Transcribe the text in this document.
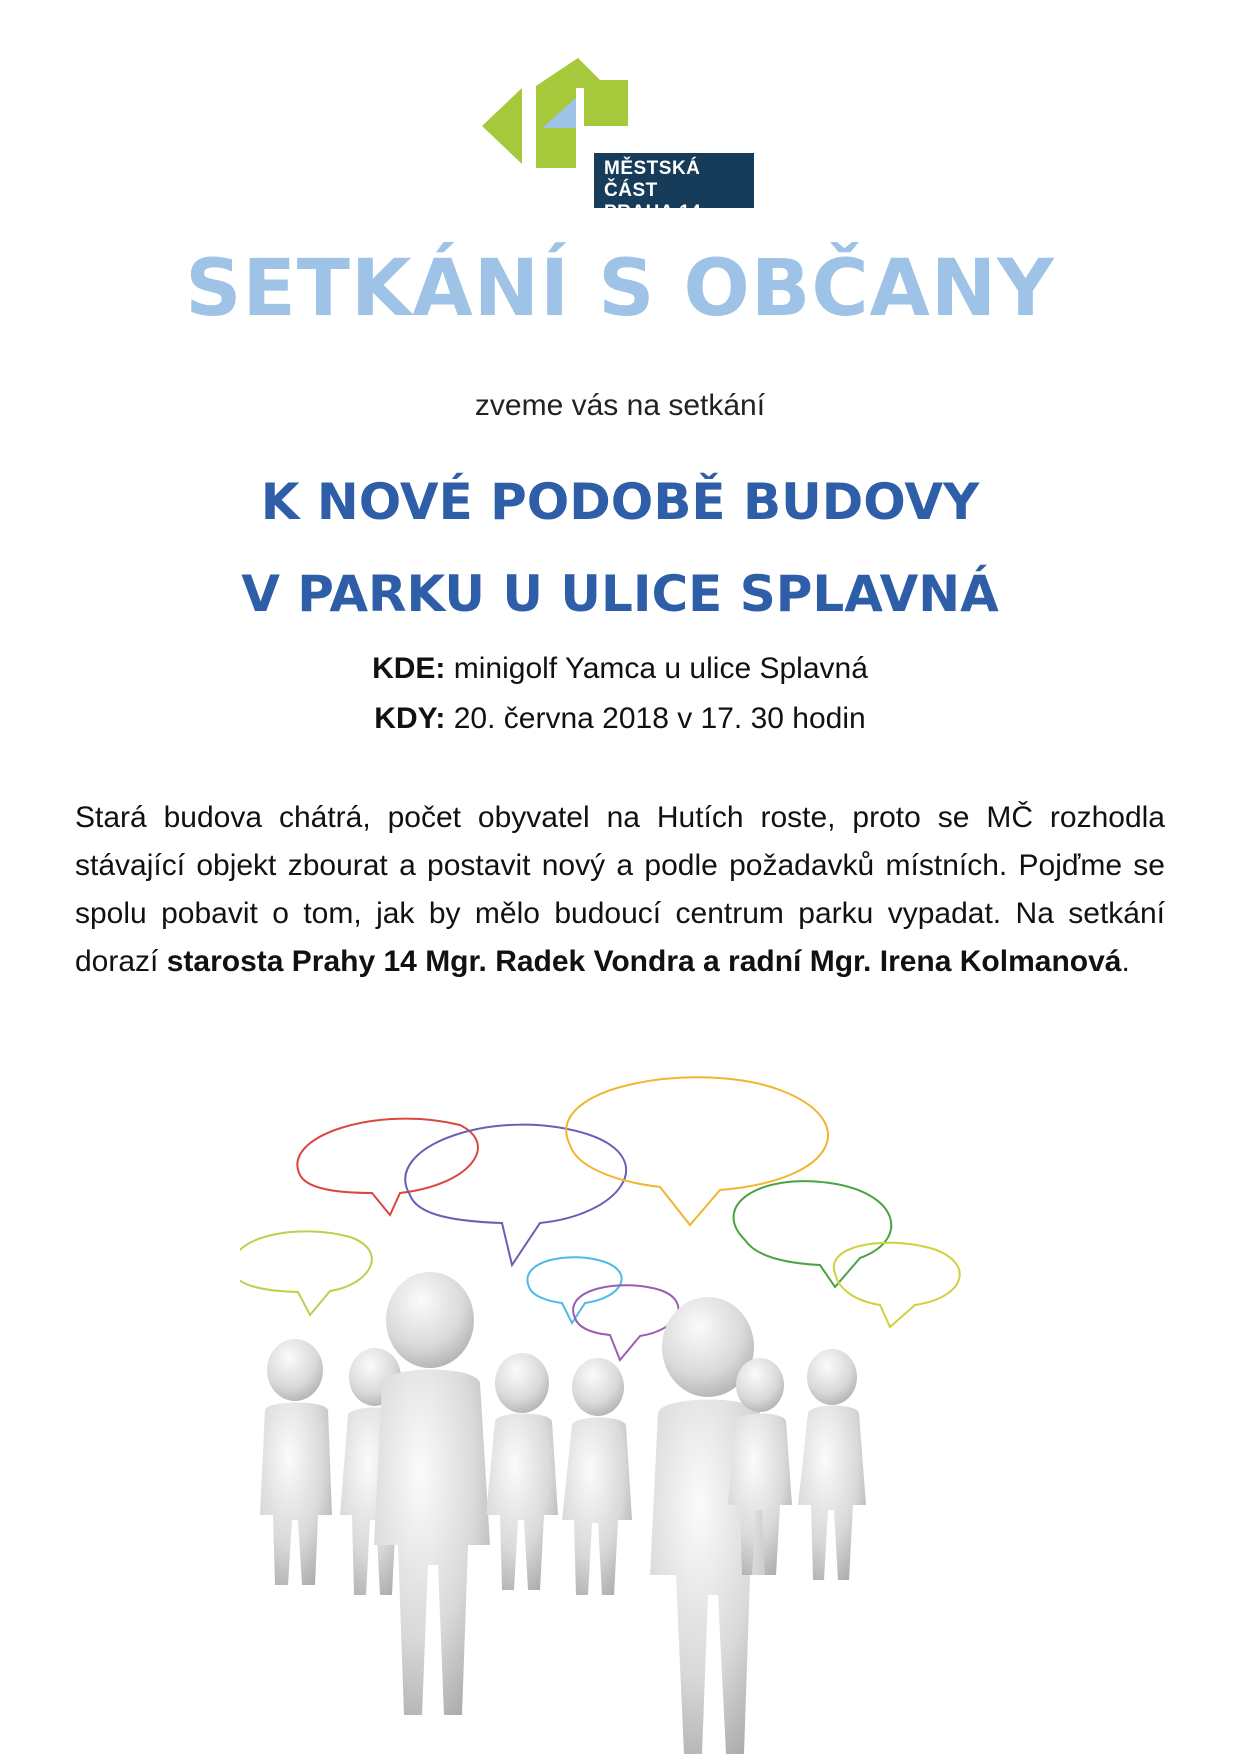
MĚSTSKÁ ČÁST
PRAHA 14
SETKÁNÍ S OBČANY
zveme vás na setkání
K NOVÉ PODOBĚ BUDOVY
V PARKU U ULICE SPLAVNÁ
KDE: minigolf Yamca u ulice Splavná
KDY: 20. června 2018 v 17. 30 hodin

Stará budova chátrá, počet obyvatel na Hutích roste, proto se MČ rozhodla stávající objekt zbourat a postavit nový a podle požadavků místních. Pojďme se spolu pobavit o tom, jak by mělo budoucí centrum parku vypadat. Na setkání dorazí starosta Prahy 14 Mgr. Radek Vondra a radní Mgr. Irena Kolmanová.
